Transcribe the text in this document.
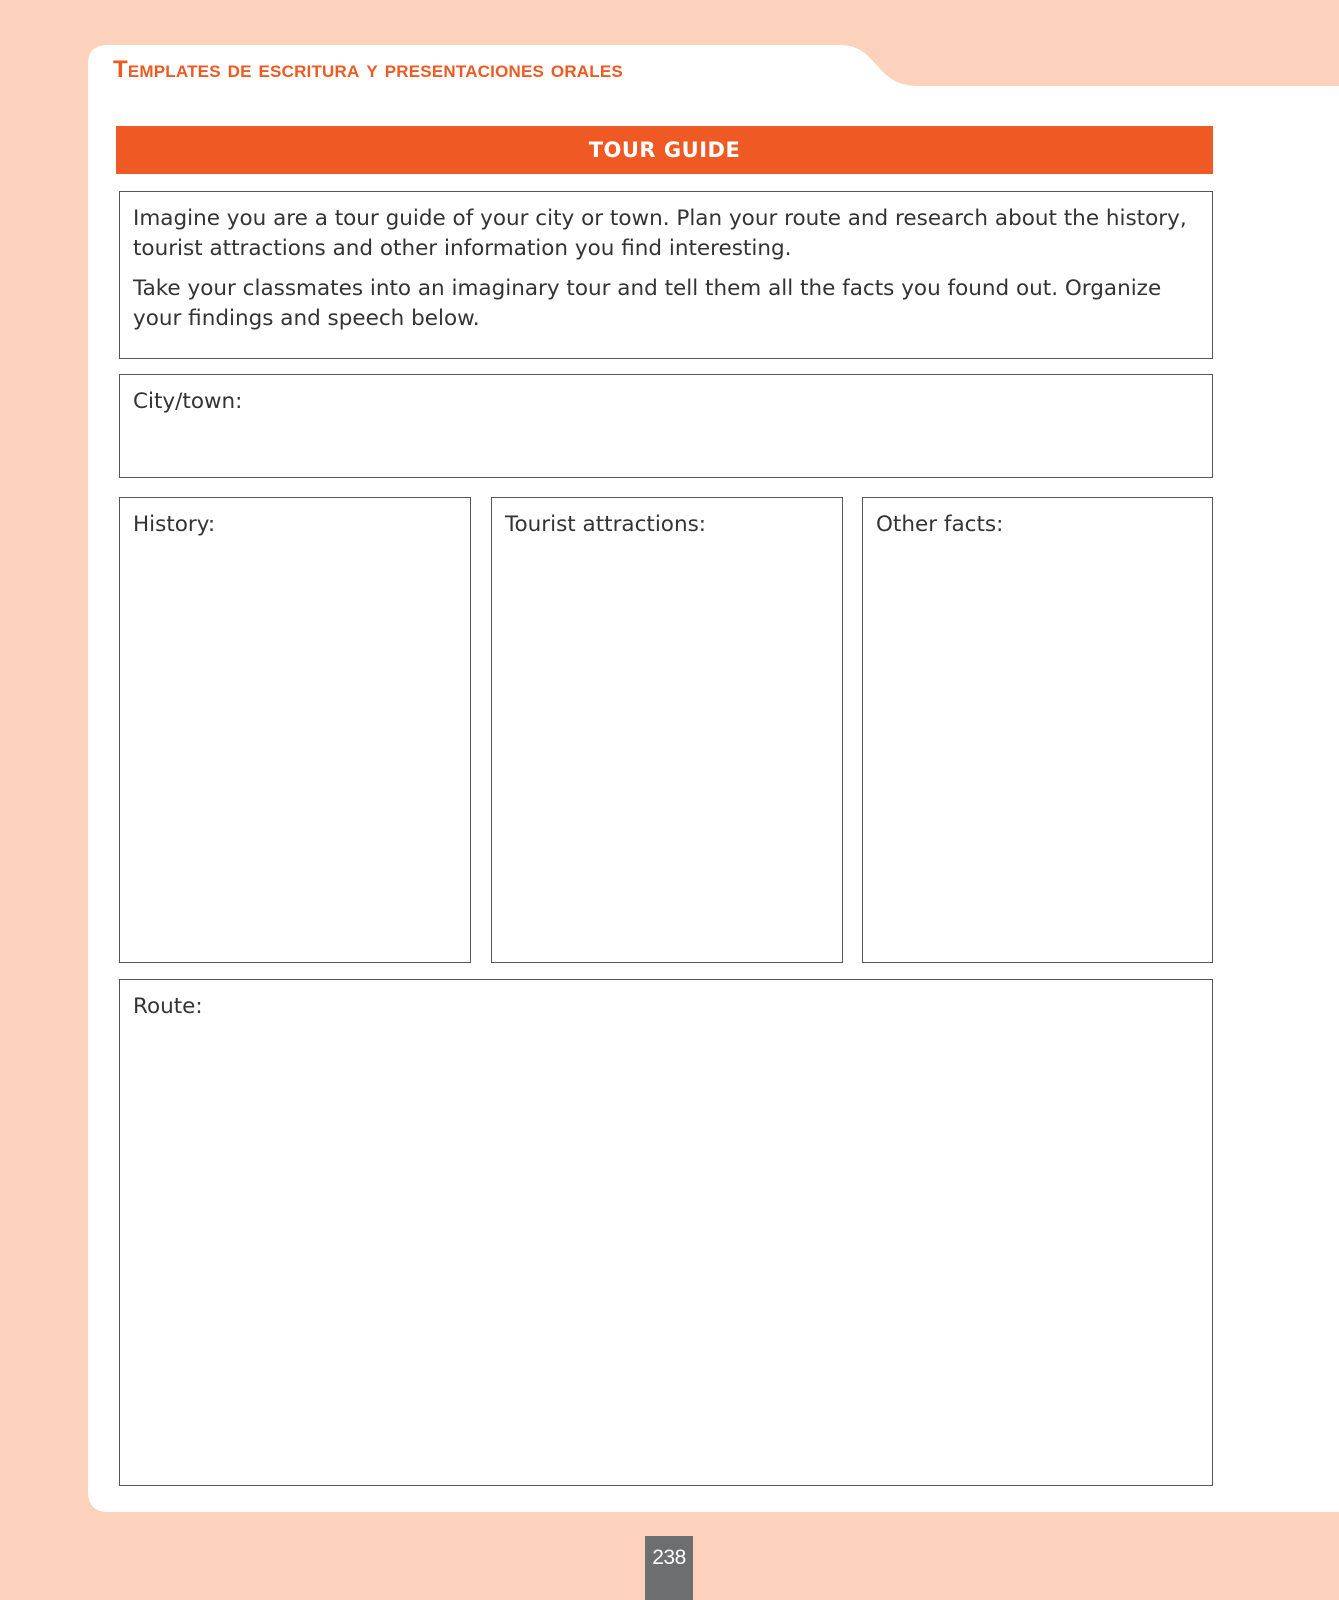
Templates de escritura y presentaciones orales
TOUR GUIDE

Imagine you are a tour guide of your city or town. Plan your route and research about the history, tourist attractions and other information you find interesting.

Take your classmates into an imaginary tour and tell them all the facts you found out. Organize your findings and speech below.

City/town:
History:	Tourist attractions:	Other facts:
Route:
238
